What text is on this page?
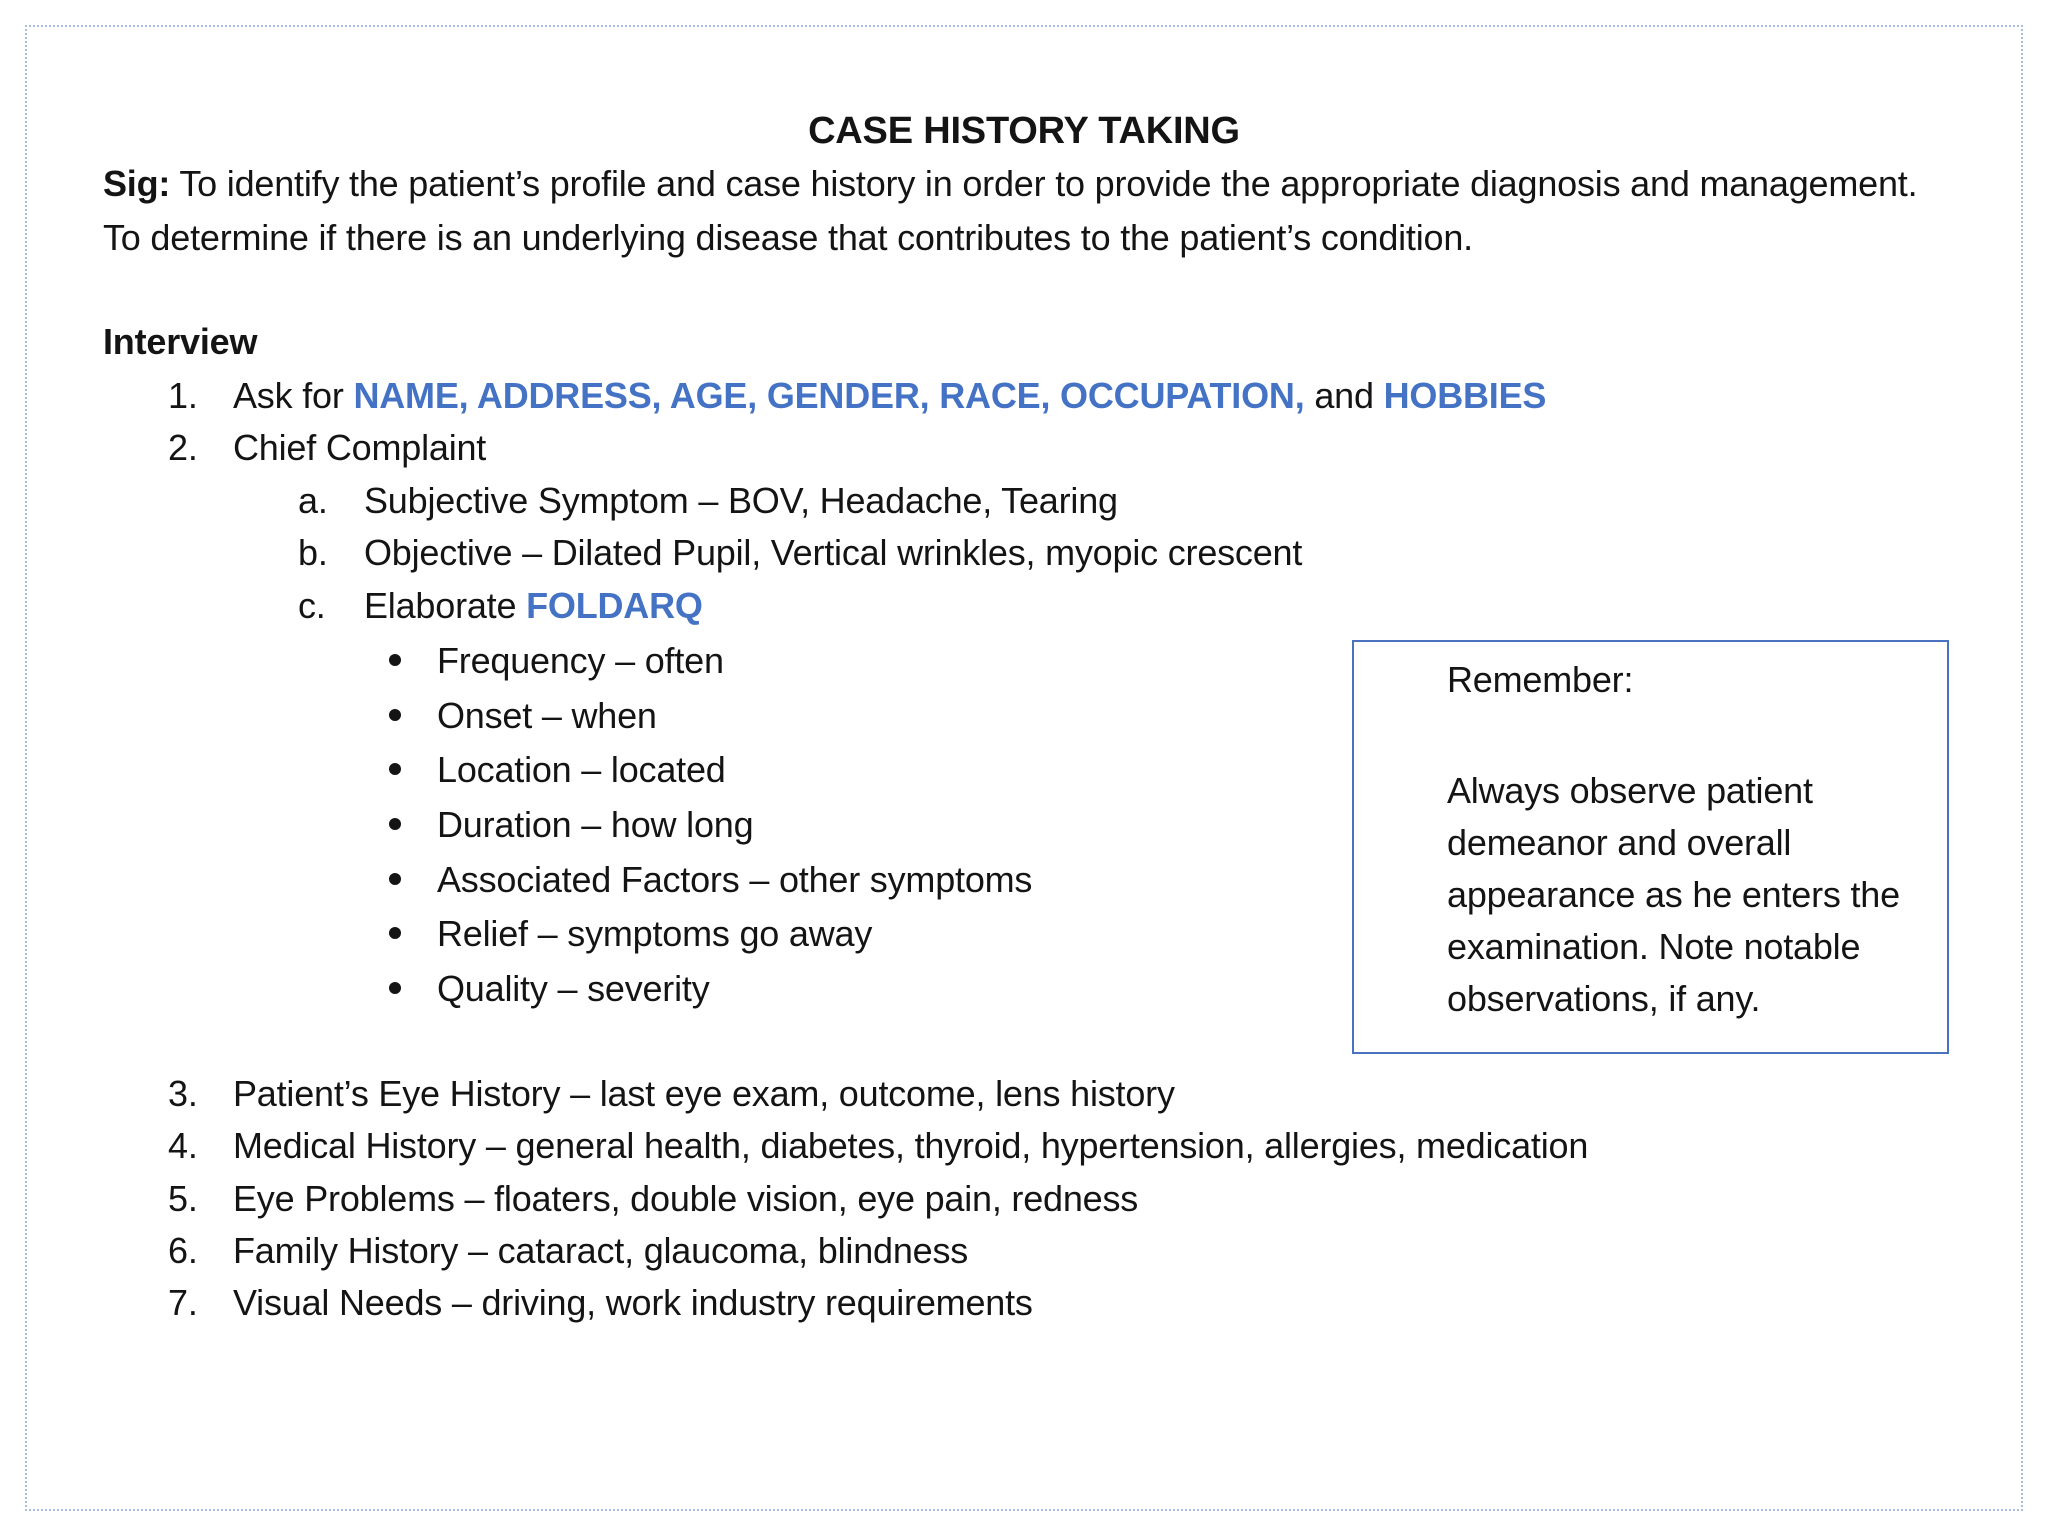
CASE HISTORY TAKING
Sig: To identify the patient’s profile and case history in order to provide the appropriate diagnosis and management.
To determine if there is an underlying disease that contributes to the patient’s condition.
Interview
1. Ask for NAME, ADDRESS, AGE, GENDER, RACE, OCCUPATION, and HOBBIES
2. Chief Complaint
a. Subjective Symptom – BOV, Headache, Tearing
b. Objective – Dilated Pupil, Vertical wrinkles, myopic crescent
c. Elaborate FOLDARQ
Frequency – often
Onset – when
Location – located
Duration – how long
Associated Factors – other symptoms
Relief – symptoms go away
Quality – severity
3. Patient’s Eye History – last eye exam, outcome, lens history
4. Medical History – general health, diabetes, thyroid, hypertension, allergies, medication
5. Eye Problems – floaters, double vision, eye pain, redness
6. Family History – cataract, glaucoma, blindness
7. Visual Needs – driving, work industry requirements
Remember:
Always observe patient
demeanor and overall
appearance as he enters the
examination. Note notable
observations, if any.
